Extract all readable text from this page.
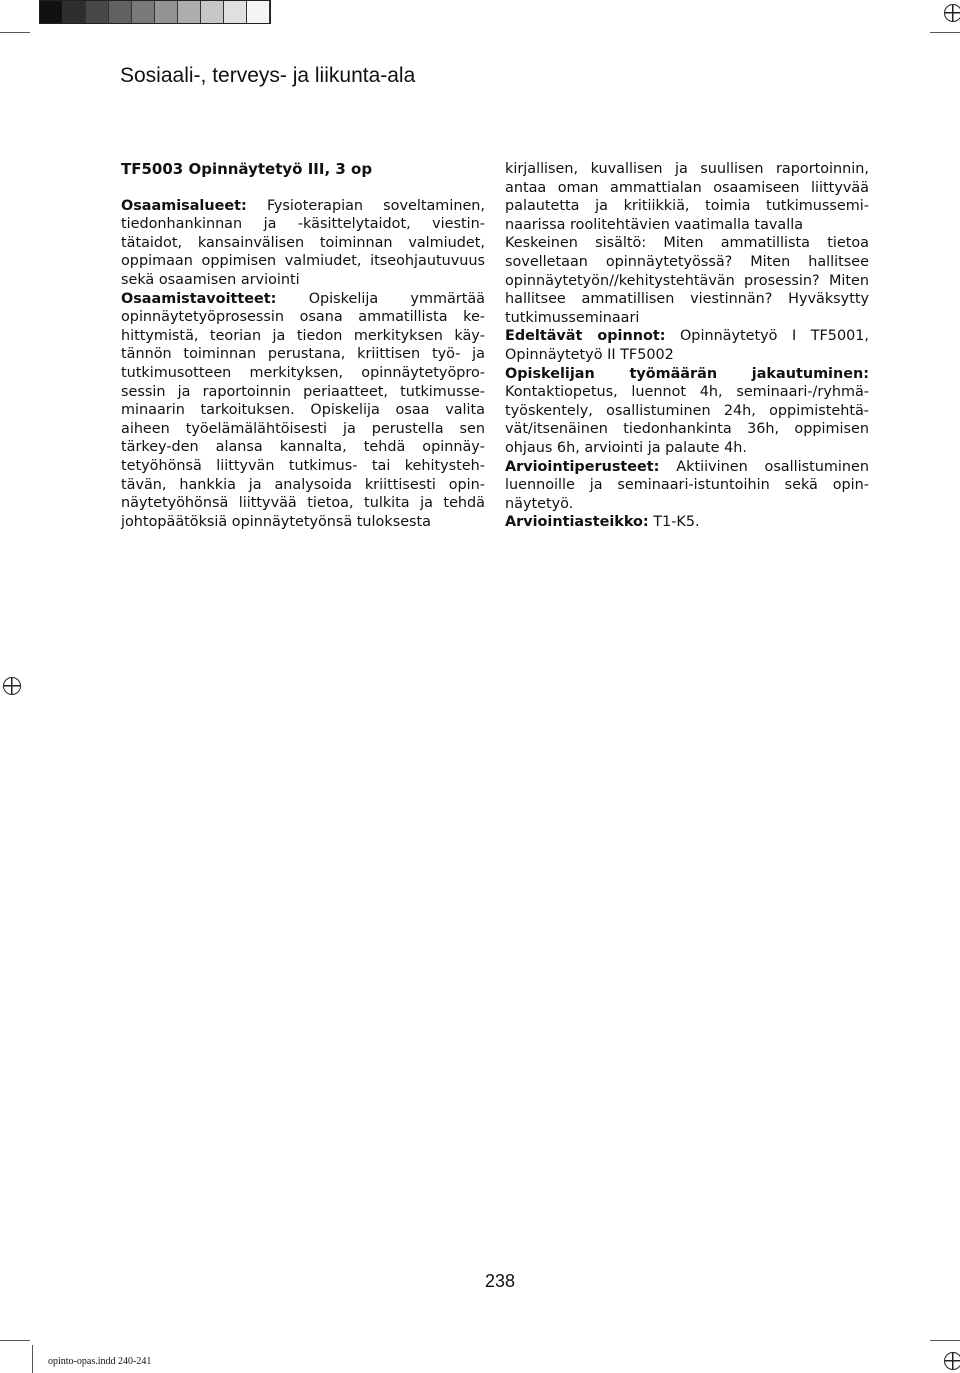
Sosiaali-, terveys- ja liikunta-ala

TF5003 Opinnäytetyö III, 3 op

Osaamisalueet: Fysioterapian soveltaminen, tiedonhankinnan ja -käsittelytaidot, viestintätaidot, kansainvälisen toiminnan valmiudet, oppimaan oppimisen valmiudet, itseohjautuvuus sekä osaamisen arviointi

Osaamistavoitteet: Opiskelija ymmärtää opinnäytetyöprosessin osana ammatillista kehittymistä, teorian ja tiedon merkityksen käytännön toiminnan perustana, kriittisen työ- ja tutkimusotteen merkityksen, opinnäytetyöprosessin ja raportoinnin periaatteet, tutkimusseminaarin tarkoituksen. Opiskelija osaa valita aiheen työelämälähtöisesti ja perustella sen tärkey-den alansa kannalta, tehdä opinnäytetyöhönsä liittyvän tutkimus- tai kehitystehtävän, hankkia ja analysoida kriittisesti opinnäytetyöhönsä liittyvää tietoa, tulkita ja tehdä johtopäätöksiä opinnäytetyönsä tuloksesta

kirjallisen, kuvallisen ja suullisen raportoinnin, antaa oman ammattialan osaamiseen liittyvää palautetta ja kritiikkiä, toimia tutkimusseminaarissa roolitehtävien vaatimalla tavalla

Keskeinen sisältö: Miten ammatillista tietoa sovelletaan opinnäytetyössä? Miten hallitsee opinnäytetyön//kehitystehtävän prosessin? Miten hallitsee ammatillisen viestinnän? Hyväksytty tutkimusseminaari

Edeltävät opinnot: Opinnäytetyö I TF5001, Opinnäytetyö II TF5002

Opiskelijan työmäärän jakautuminen: Kontaktiopetus, luennot 4h, seminaari-/ryhmätyöskentely, osallistuminen 24h, oppimistehtävät/itsenäinen tiedonhankinta 36h, oppimisen ohjaus 6h, arviointi ja palaute 4h.

Arviointiperusteet: Aktiivinen osallistuminen luennoille ja seminaari-istuntoihin sekä opinnäytetyö.

Arviointiasteikko: T1-K5.

238
opinto-opas.indd 240-241
